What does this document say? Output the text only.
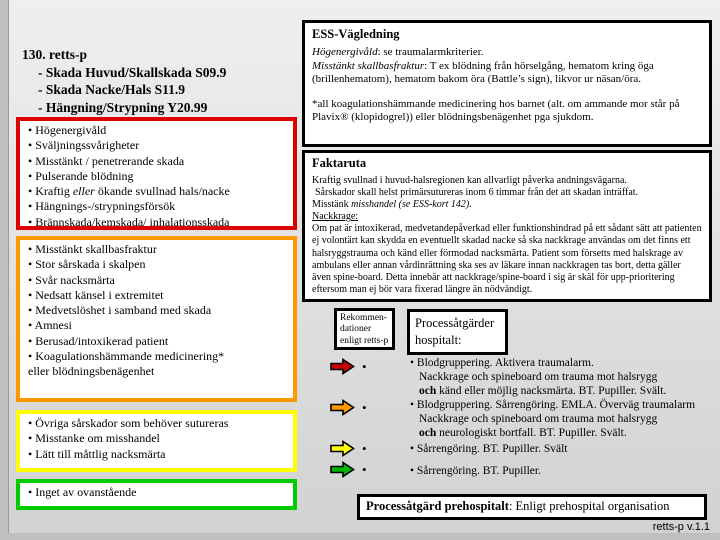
130. retts-p
- Skada Huvud/Skallskada S09.9
- Skada Nacke/Hals S11.9
- Hängning/Strypning Y20.99
• Högenergivåld
• Sväljningssvårigheter
• Misstänkt / penetrerande skada
• Pulserande blödning
• Kraftig eller ökande svullnad hals/nacke
• Hängnings-/strypningsförsök
• Brännskada/kemskada/ inhalationsskada
• Misstänkt skallbasfraktur
• Stor sårskada i skalpen
• Svår nacksmärta
• Nedsatt känsel i extremitet
• Medvetslöshet i samband med skada
• Amnesi
• Berusad/intoxikerad patient
• Koagulationshämmande medicinering*
eller blödningsbenägenhet
• Övriga sårskador som behöver sutureras
• Misstanke om misshandel
• Lätt till måttlig nacksmärta
• Inget av ovanstående
ESS-Vägledning
Högenergivåld: se traumalarmkriterier.
Misstänkt skallbasfraktur: T ex blödning från hörselgång, hematom kring öga (brillenhematom), hematom bakom öra (Battle’s sign), likvor ur näsan/öra.
*all koagulationshämmande medicinering hos barnet (alt. om ammande mor står på Plavix® (klopidogrel)) eller blödningsbenägenhet pga sjukdom.
Faktaruta
Kraftig svullnad i huvud-halsregionen kan allvarligt påverka andningsvägarna.
Sårskador skall helst primärsutureras inom 6 timmar från det att skadan inträffat.
Misstänk misshandel (se ESS-kort 142).
Nackkrage:
Om pat är intoxikerad, medvetandepåverkad eller funktionshindrad på ett sådant sätt att patienten ej volontärt kan skydda en eventuellt skadad nacke så ska nackkrage användas om det finns ett halsryggstrauma och känd eller förmodad nacksmärta. Patient som försetts med halskrage av ambulans eller annan vårdinrättning ska ses av läkare innan nackkragen tas bort, detta gäller även spine-board. Detta innebär att nackkrage/spine-board i sig är skäl för upp-prioritering eftersom man ej bör vara fixerad längre än nödvändigt.
Rekommen-
dationer
enligt retts-p
Processåtgärder
hospitalt:
•
•
•
•
• Blodgruppering. Aktivera traumalarm.
Nackkrage och spineboard om trauma mot halsrygg
och känd eller möjlig nacksmärta. BT. Pupiller. Svält.
• Blodgruppering. Sårrengöring. EMLA. Överväg traumalarm
Nackkrage och spineboard om trauma mot halsrygg
och neurologiskt bortfall. BT. Pupiller. Svält.
• Sårrengöring. BT. Pupiller. Svält
• Sårrengöring. BT. Pupiller.
Processåtgärd prehospitalt: Enligt prehospital organisation
retts-p v.1.1
